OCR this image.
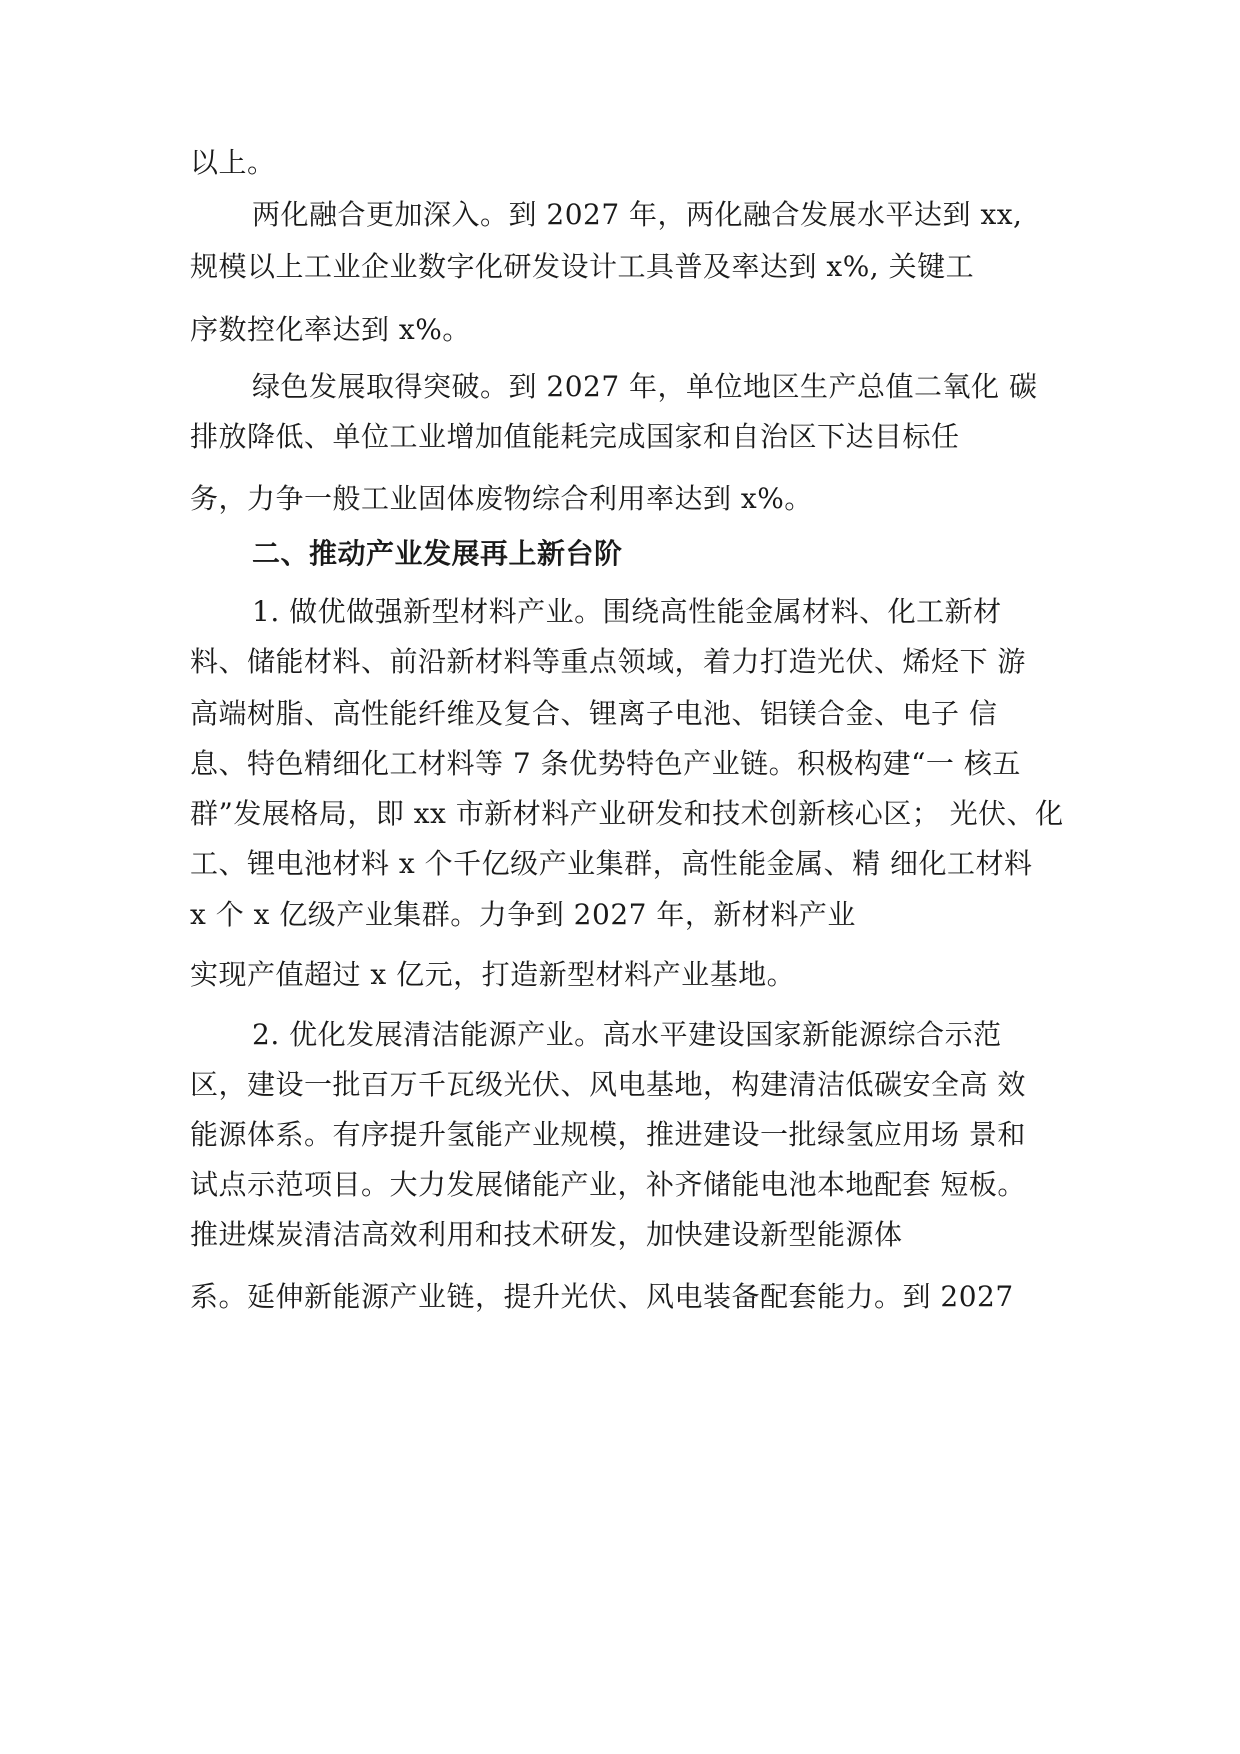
以上。
两化融合更加深入。到 2027 年，两化融合发展水平达到 xx,
规模以上工业企业数字化研发设计工具普及率达到 x%, 关键工
序数控化率达到 x%。
绿色发展取得突破。到 2027 年，单位地区生产总值二氧化 碳
排放降低、单位工业增加值能耗完成国家和自治区下达目标任
务，力争一般工业固体废物综合利用率达到 x%。
二、推动产业发展再上新台阶
1. 做优做强新型材料产业。围绕高性能金属材料、化工新材
料、储能材料、前沿新材料等重点领域，着力打造光伏、烯烃下 游
高端树脂、高性能纤维及复合、锂离子电池、铝镁合金、电子 信
息、特色精细化工材料等 7 条优势特色产业链。积极构建“一 核五
群”发展格局，即 xx 市新材料产业研发和技术创新核心区； 光伏、化
工、锂电池材料 x 个千亿级产业集群，高性能金属、精 细化工材料
x 个 x 亿级产业集群。力争到 2027 年，新材料产业
实现产值超过 x 亿元，打造新型材料产业基地。
2. 优化发展清洁能源产业。高水平建设国家新能源综合示范
区，建设一批百万千瓦级光伏、风电基地，构建清洁低碳安全高 效
能源体系。有序提升氢能产业规模，推进建设一批绿氢应用场 景和
试点示范项目。大力发展储能产业，补齐储能电池本地配套 短板。
推进煤炭清洁高效利用和技术研发，加快建设新型能源体
系。延伸新能源产业链，提升光伏、风电装备配套能力。到 2027
